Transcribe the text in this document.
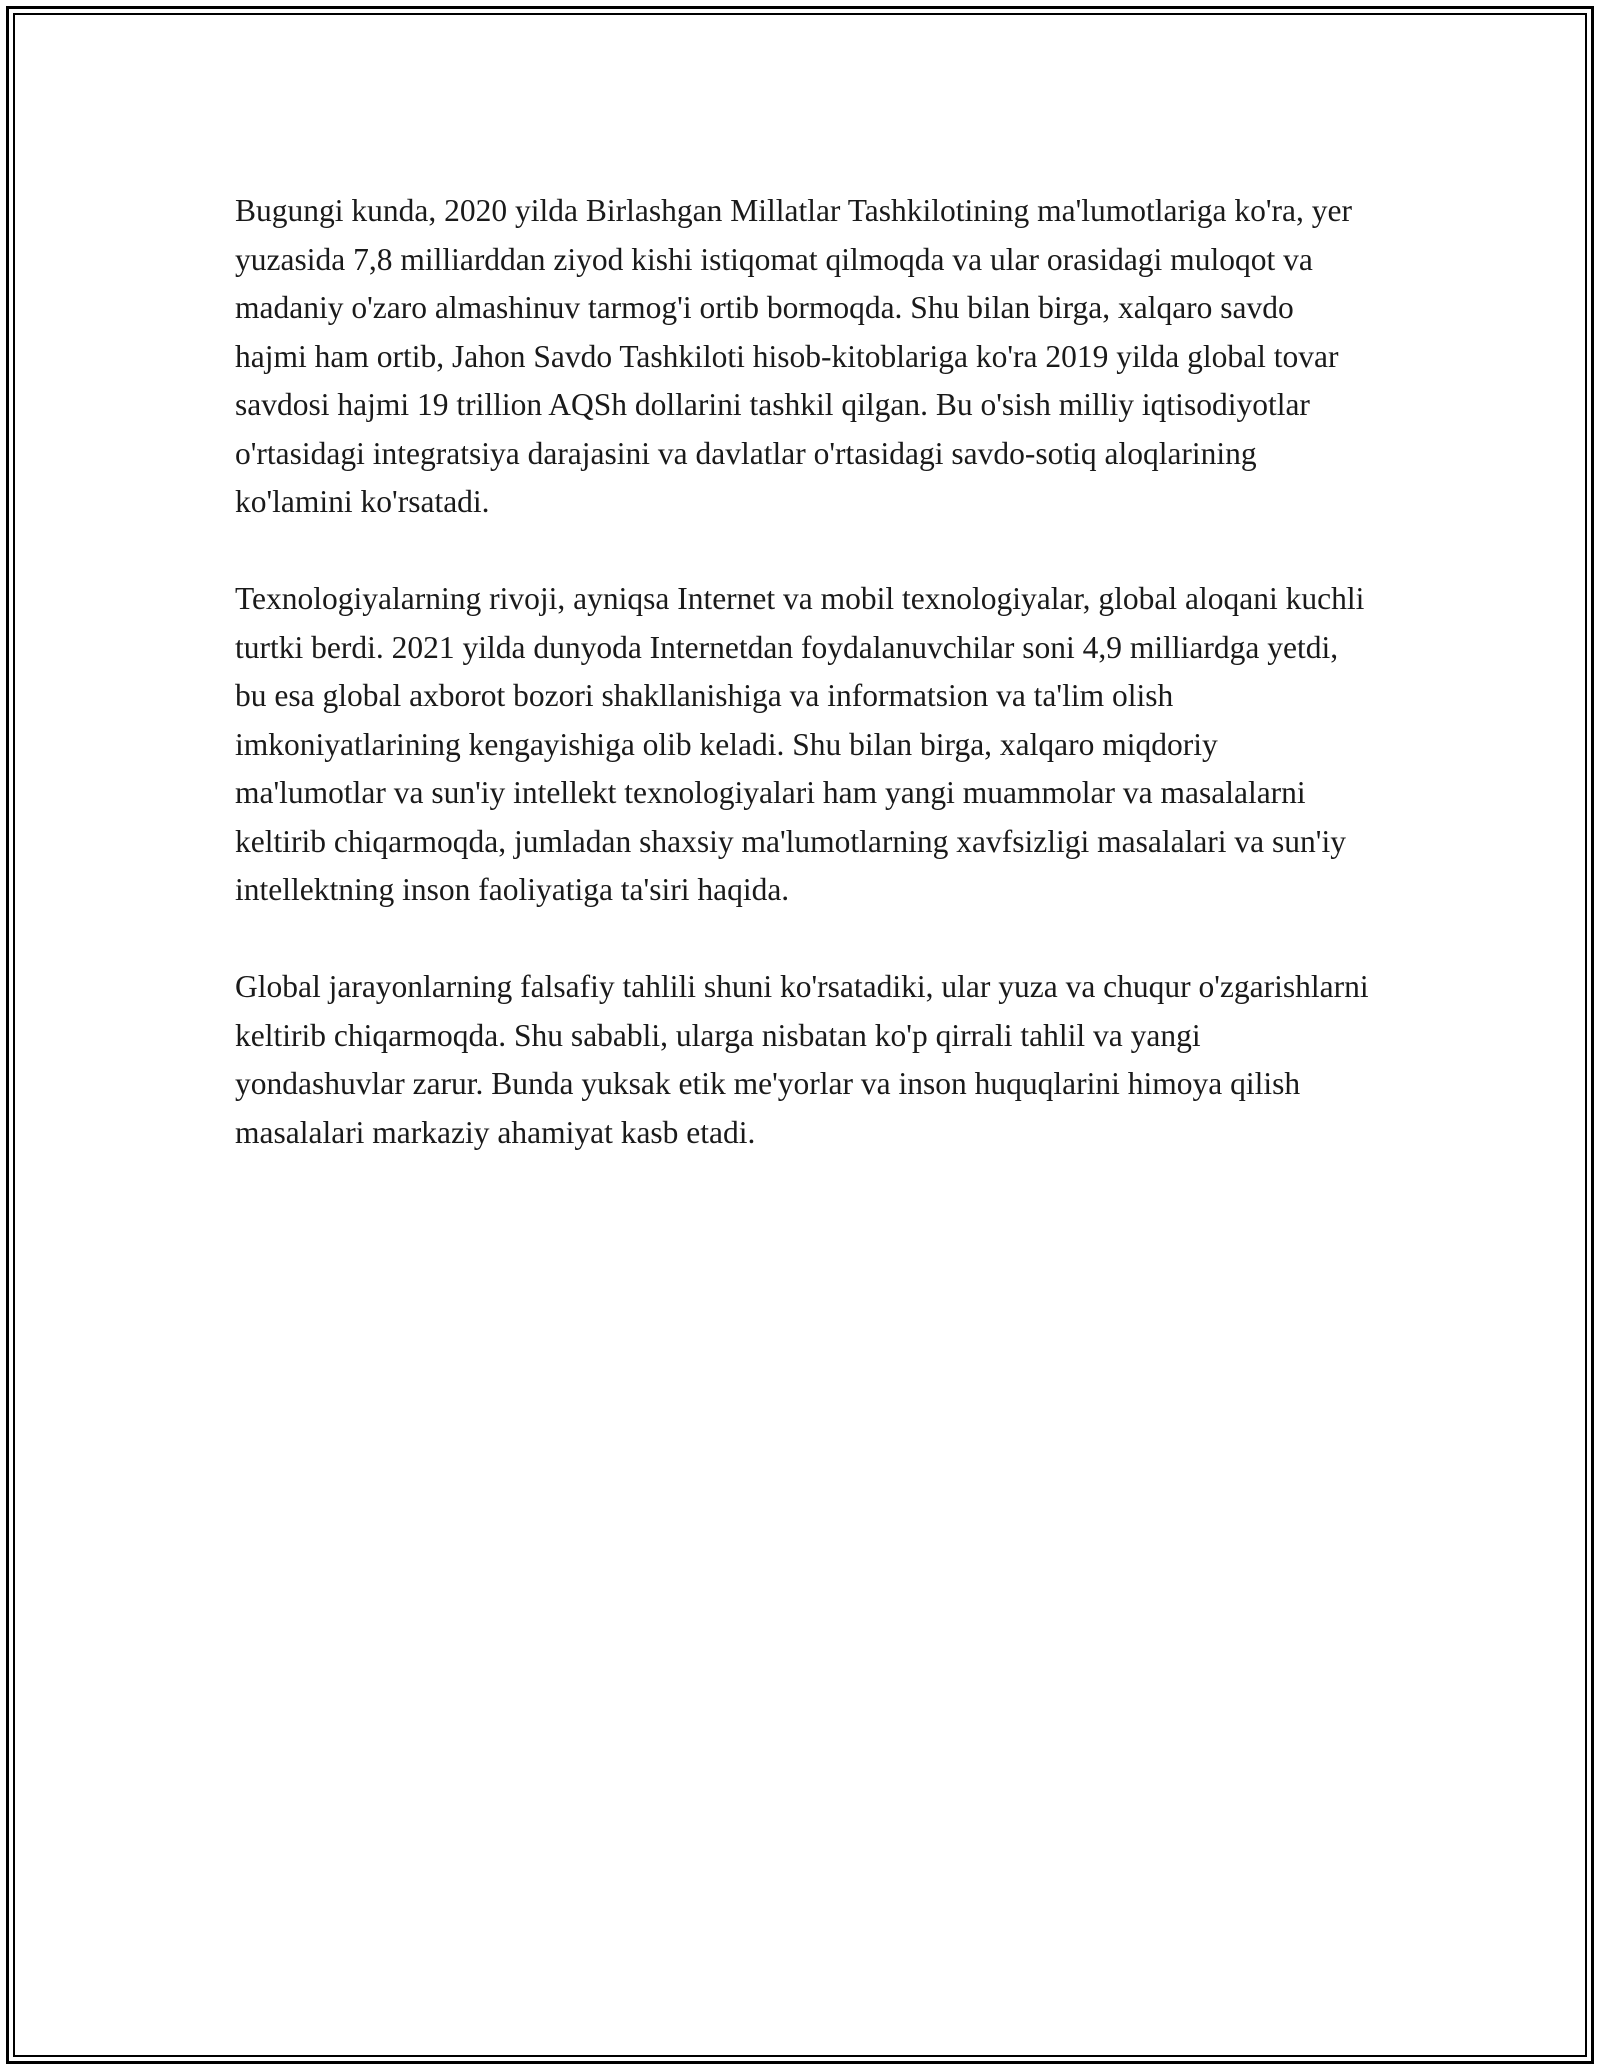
Bugungi kunda, 2020 yilda Birlashgan Millatlar Tashkilotining ma'lumotlariga ko'ra, yer yuzasida 7,8 milliarddan ziyod kishi istiqomat qilmoqda va ular orasidagi muloqot va madaniy o'zaro almashinuv tarmog'i ortib bormoqda. Shu bilan birga, xalqaro savdo hajmi ham ortib, Jahon Savdo Tashkiloti hisob-kitoblariga ko'ra 2019 yilda global tovar savdosi hajmi 19 trillion AQSh dollarini tashkil qilgan. Bu o'sish milliy iqtisodiyotlar o'rtasidagi integratsiya darajasini va davlatlar o'rtasidagi savdo-sotiq aloqlarining ko'lamini ko'rsatadi.

Texnologiyalarning rivoji, ayniqsa Internet va mobil texnologiyalar, global aloqani kuchli turtki berdi. 2021 yilda dunyoda Internetdan foydalanuvchilar soni 4,9 milliardga yetdi, bu esa global axborot bozori shakllanishiga va informatsion va ta'lim olish imkoniyatlarining kengayishiga olib keladi. Shu bilan birga, xalqaro miqdoriy ma'lumotlar va sun'iy intellekt texnologiyalari ham yangi muammolar va masalalarni keltirib chiqarmoqda, jumladan shaxsiy ma'lumotlarning xavfsizligi masalalari va sun'iy intellektning inson faoliyatiga ta'siri haqida.

Global jarayonlarning falsafiy tahlili shuni ko'rsatadiki, ular yuza va chuqur o'zgarishlarni keltirib chiqarmoqda. Shu sababli, ularga nisbatan ko'p qirrali tahlil va yangi yondashuvlar zarur. Bunda yuksak etik me'yorlar va inson huquqlarini himoya qilish masalalari markaziy ahamiyat kasb etadi.
